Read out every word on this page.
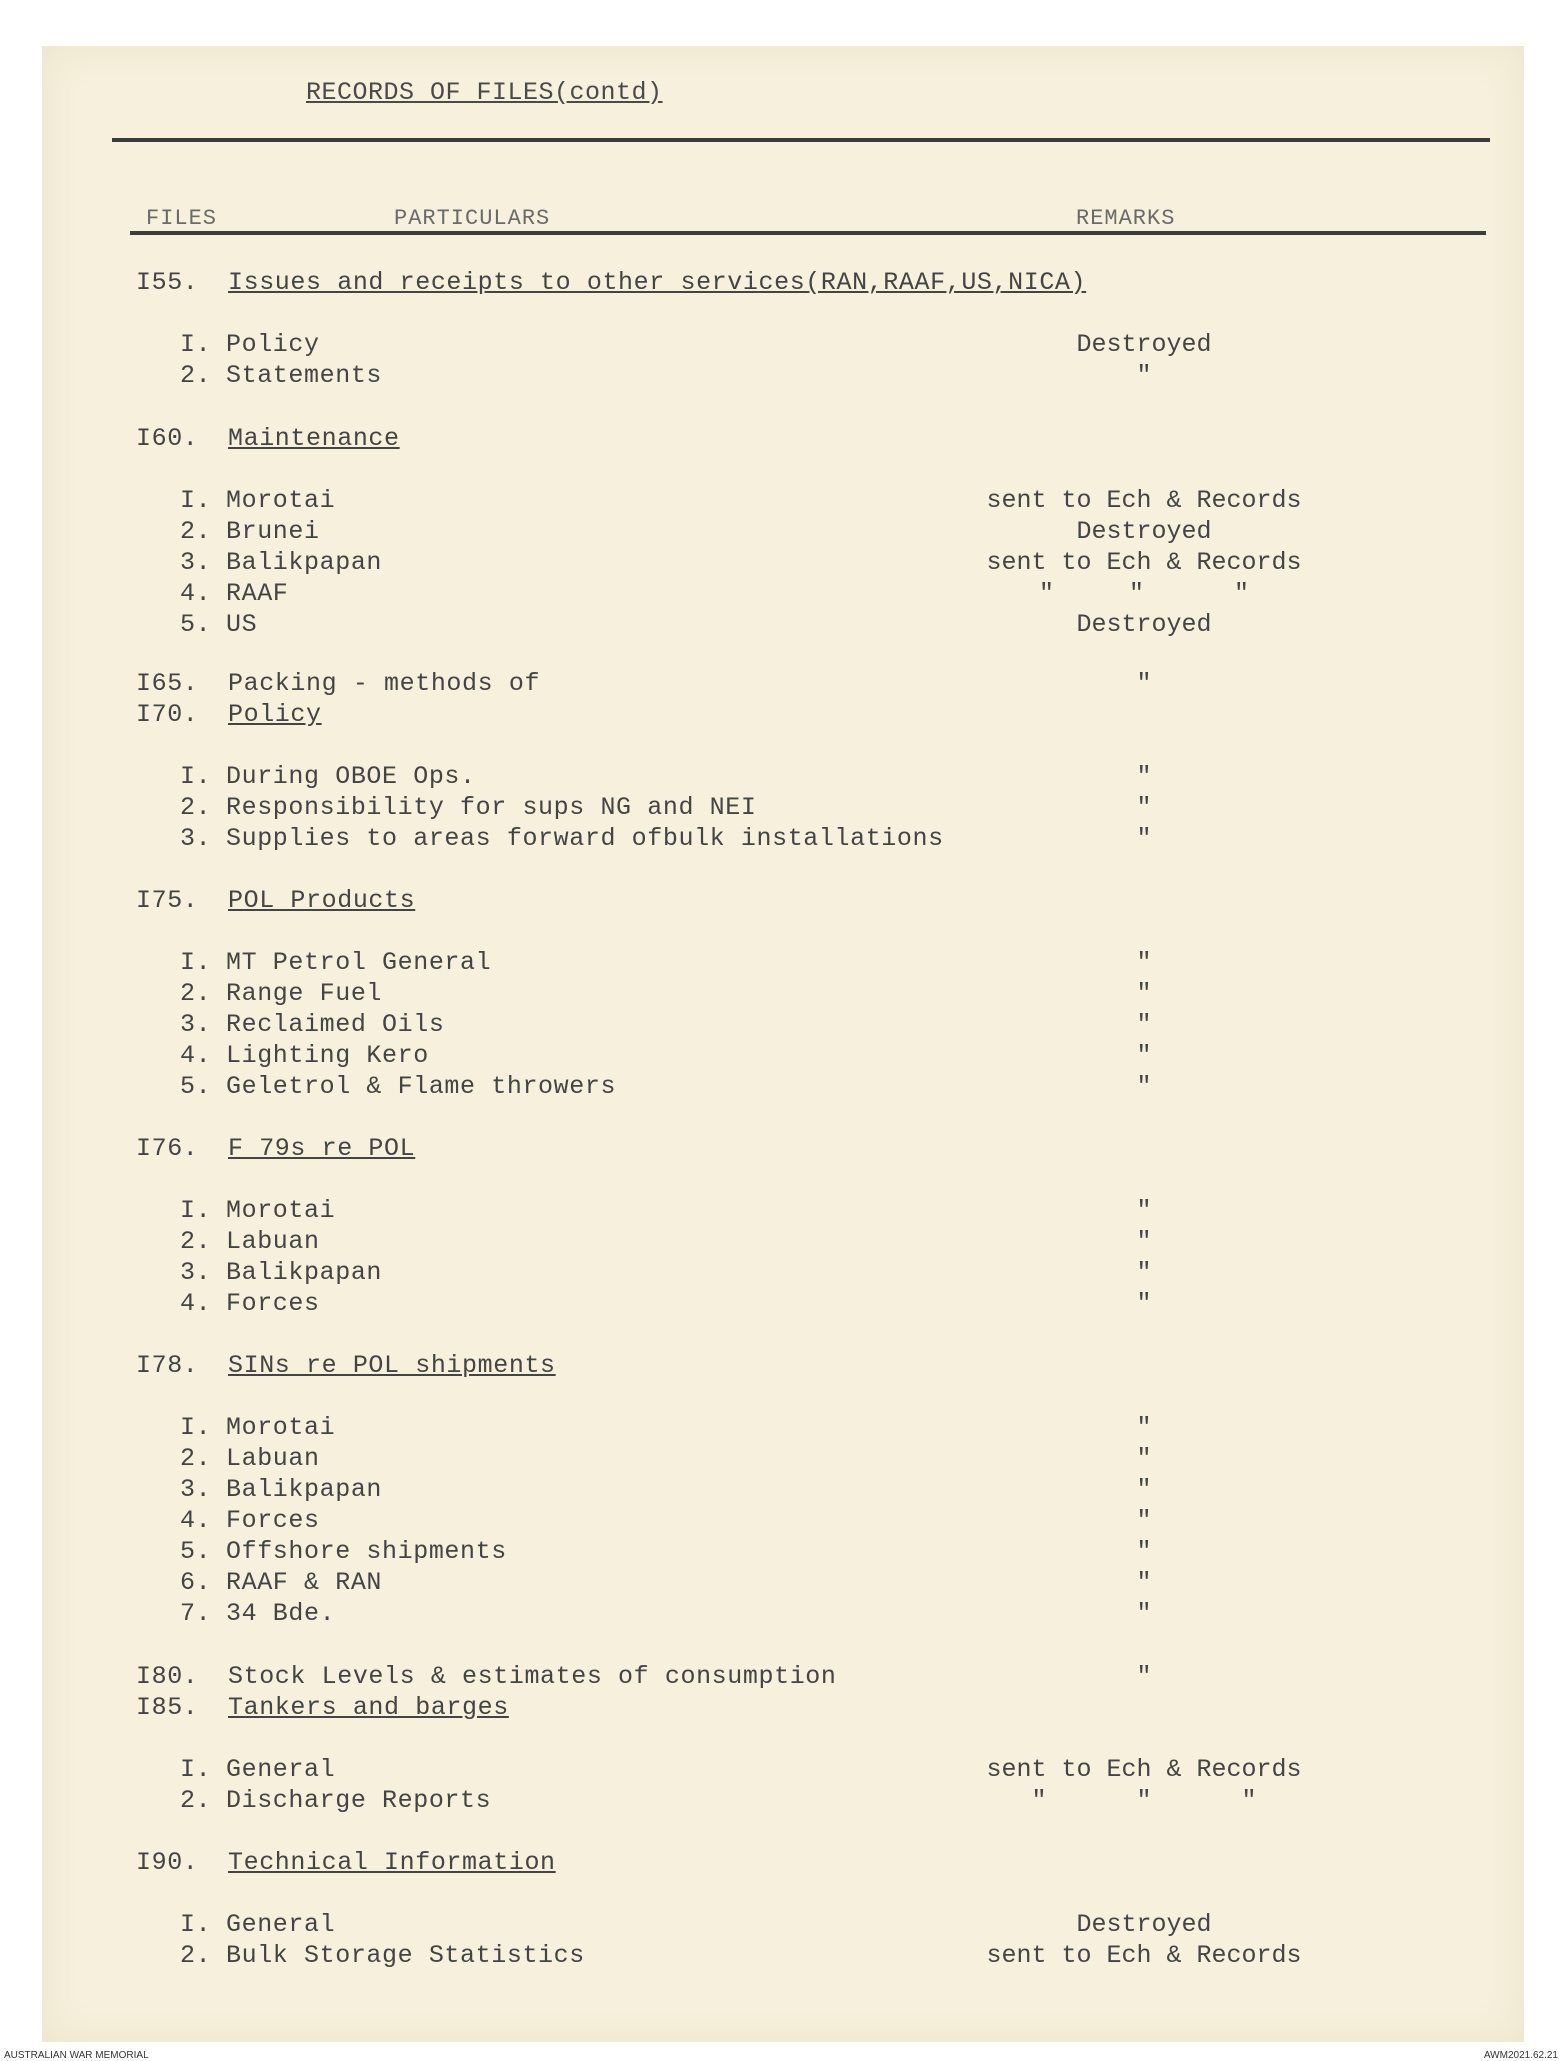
RECORDS OF FILES(contd)
FILES	PARTICULARS	REMARKS
I55. Issues and receipts to other services(RAN,RAAF,US,NICA)
I. Policy	Destroyed
2. Statements	"
I60. Maintenance
I. Morotai	sent to Ech & Records
2. Brunei	Destroyed
3. Balikpapan	sent to Ech & Records
4. RAAF	"     "      "
5. US	Destroyed
I65. Packing - methods of	"
I70. Policy
I. During OBOE Ops.	"
2. Responsibility for sups NG and NEI	"
3. Supplies to areas forward ofbulk installations	"
I75. POL Products
I. MT Petrol General	"
2. Range Fuel	"
3. Reclaimed Oils	"
4. Lighting Kero	"
5. Geletrol & Flame throwers	"
I76. F 79s re POL
I. Morotai	"
2. Labuan	"
3. Balikpapan	"
4. Forces	"
I78. SINs re POL shipments
I. Morotai	"
2. Labuan	"
3. Balikpapan	"
4. Forces	"
5. Offshore shipments	"
6. RAAF & RAN	"
7. 34 Bde.	"
I80. Stock Levels & estimates of consumption	"
I85. Tankers and barges
I. General	sent to Ech & Records
2. Discharge Reports	"      "      "
I90. Technical Information
I. General	Destroyed
2. Bulk Storage Statistics	sent to Ech & Records
AUSTRALIAN WAR MEMORIAL	AWM2021.62.21
